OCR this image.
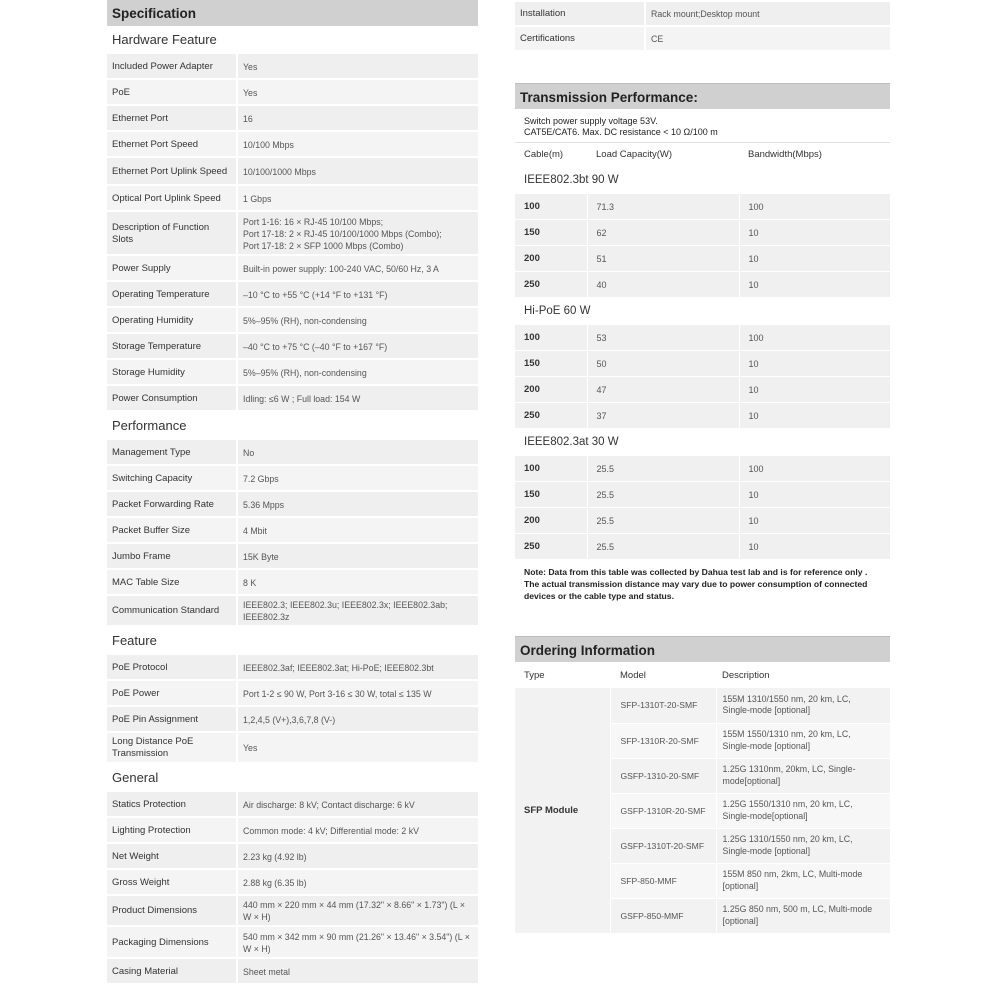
Specification
Hardware Feature
Included Power Adapter	Yes
PoE	Yes
Ethernet Port	16
Ethernet Port Speed	10/100 Mbps
Ethernet Port Uplink Speed	10/100/1000 Mbps
Optical Port Uplink Speed	1 Gbps
Description of Function Slots	Port 1-16: 16 × RJ-45 10/100 Mbps;
Port 17-18: 2 × RJ-45 10/100/1000 Mbps (Combo);
Port 17-18: 2 × SFP 1000 Mbps (Combo)
Power Supply	Built-in power supply: 100-240 VAC, 50/60 Hz, 3 A
Operating Temperature	–10 °C to +55 °C (+14 °F to +131 °F)
Operating Humidity	5%–95% (RH), non-condensing
Storage Temperature	–40 °C to +75 °C (–40 °F to +167 °F)
Storage Humidity	5%–95% (RH), non-condensing
Power Consumption	Idling: ≤6 W ; Full load: 154 W
Performance
Management Type	No
Switching Capacity	7.2 Gbps
Packet Forwarding Rate	5.36 Mpps
Packet Buffer Size	4 Mbit
Jumbo Frame	15K Byte
MAC Table Size	8 K
Communication Standard	IEEE802.3; IEEE802.3u; IEEE802.3x; IEEE802.3ab; IEEE802.3z
Feature
PoE Protocol	IEEE802.3af; IEEE802.3at; Hi-PoE; IEEE802.3bt
PoE Power	Port 1-2 ≤ 90 W, Port 3-16 ≤ 30 W, total ≤ 135 W
PoE Pin Assignment	1,2,4,5 (V+),3,6,7,8 (V-)
Long Distance PoE Transmission	Yes
General
Statics Protection	Air discharge: 8 kV; Contact discharge: 6 kV
Lighting Protection	Common mode: 4 kV; Differential mode: 2 kV
Net Weight	2.23 kg (4.92 lb)
Gross Weight	2.88 kg (6.35 lb)
Product Dimensions	440 mm × 220 mm × 44 mm (17.32" × 8.66" × 1.73") (L × W × H)
Packaging Dimensions	540 mm × 342 mm × 90 mm (21.26" × 13.46" × 3.54") (L × W × H)
Casing Material	Sheet metal
Installation	Rack mount;Desktop mount
Certifications	CE
Transmission Performance:
Switch power supply voltage 53V.
CAT5E/CAT6. Max. DC resistance < 10 Ω/100 m
Cable(m)	Load Capacity(W)	Bandwidth(Mbps)
IEEE802.3bt 90 W		
100	71.3	100
150	62	10
200	51	10
250	40	10
Hi-PoE 60 W		
100	53	100
150	50	10
200	47	10
250	37	10
IEEE802.3at 30 W		
100	25.5	100
150	25.5	10
200	25.5	10
250	25.5	10
Note: Data from this table was collected by Dahua test lab and is for reference only . The actual transmission distance may vary due to power consumption of connected devices or the cable type and status.
Ordering Information
Type	Model	Description
SFP Module	SFP-1310T-20-SMF	155M 1310/1550 nm, 20 km, LC, Single-mode [optional]
	SFP-1310R-20-SMF	155M 1550/1310 nm, 20 km, LC, Single-mode [optional]
	GSFP-1310-20-SMF	1.25G 1310nm, 20km, LC, Single-mode[optional]
	GSFP-1310R-20-SMF	1.25G 1550/1310 nm, 20 km, LC, Single-mode[optional]
	GSFP-1310T-20-SMF	1.25G 1310/1550 nm, 20 km, LC, Single-mode [optional]
	SFP-850-MMF	155M 850 nm, 2km, LC, Multi-mode [optional]
	GSFP-850-MMF	1.25G 850 nm, 500 m, LC, Multi-mode [optional]
